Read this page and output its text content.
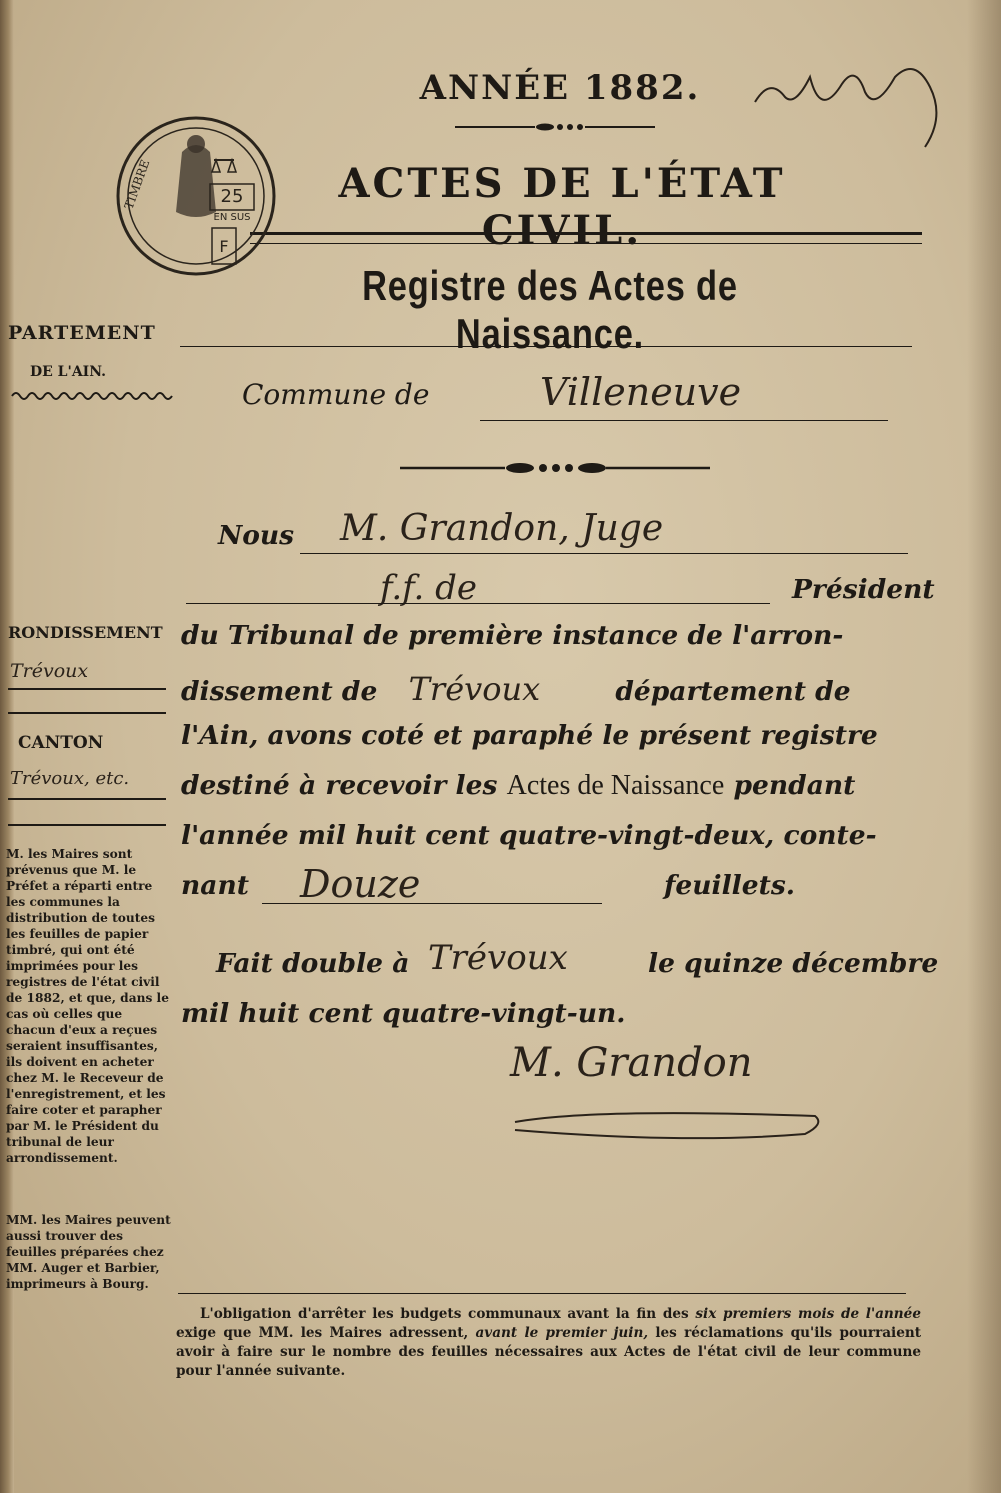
ANNÉE 1882.
ACTES DE L'ÉTAT CIVIL.
Registre des Actes de Naissance.
25
EN SUS
TIMBRE
F
PARTEMENT
DE L'AIN.
RONDISSEMENT
Trévoux
CANTON
Trévoux, etc.
M. les Maires sont prévenus que M. le Préfet a réparti entre les communes la distribution de toutes les feuilles de papier timbré, qui ont été imprimées pour les registres de l'état civil de 1882, et que, dans le cas où celles que chacun d'eux a reçues seraient insuffisantes, ils doivent en acheter chez M. le Receveur de l'enregistrement, et les faire coter et parapher par M. le Président du tribunal de leur arrondissement.
MM. les Maires peuvent aussi trouver des feuilles préparées chez MM. Auger et Barbier, imprimeurs à Bourg.
Commune de	Villeneuve
Nous M. Grandon, Juge
f.f. de	Président
du Tribunal de première instance de l'arron-
dissement de Trévoux	département de
l'Ain, avons coté et paraphé le présent registre
destiné à recevoir les Actes de Naissance pendant
l'année mil huit cent quatre-vingt-deux, conte-
nant Douze	feuillets.
Fait double à Trévoux	le quinze décembre
mil huit cent quatre-vingt-un.
M. Grandon
L'obligation d'arrêter les budgets communaux avant la fin des six premiers mois de l'année exige que MM. les Maires adressent, avant le premier juin, les réclamations qu'ils pourraient avoir à faire sur le nombre des feuilles nécessaires aux Actes de l'état civil de leur commune pour l'année suivante.
